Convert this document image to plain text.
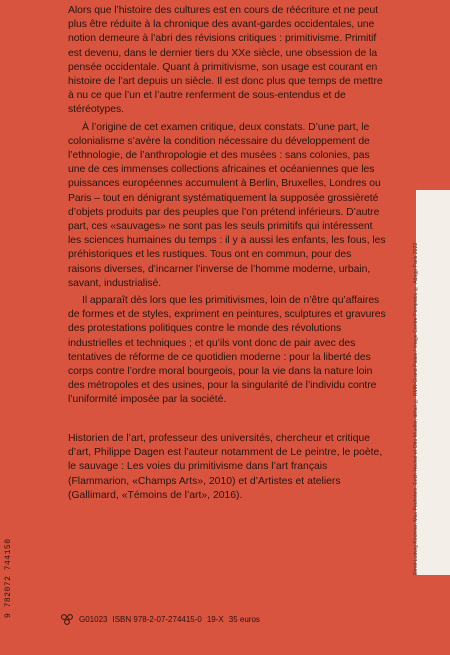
Alors que l’histoire des cultures est en cours de réécriture et ne peut plus être réduite à la chronique des avant-gardes occidentales, une notion demeure à l’abri des révisions critiques : primitivisme. Primitif est devenu, dans le dernier tiers du XXe siècle, une obsession de la pensée occidentale. Quant à primitivisme, son usage est courant en histoire de l’art depuis un siècle. Il est donc plus que temps de mettre à nu ce que l’un et l’autre renferment de sous-entendus et de stéréotypes.

À l’origine de cet examen critique, deux constats. D’une part, le colonialisme s’avère la condition nécessaire du développement de l’ethnologie, de l’anthropologie et des musées : sans colonies, pas une de ces immenses collections africaines et océaniennes que les puissances européennes accumulent à Berlin, Bruxelles, Londres ou Paris – tout en dénigrant systématiquement la supposée grossièreté d’objets produits par des peuples que l’on prétend inférieurs. D’autre part, ces «sauvages» ne sont pas les seuls primitifs qui intéressent les sciences humaines du temps : il y a aussi les enfants, les fous, les préhistoriques et les rustiques. Tous ont en commun, pour des raisons diverses, d’incarner l’inverse de l’homme moderne, urbain, savant, industrialisé.

Il apparaît dès lors que les primitivismes, loin de n’être qu’affaires de formes et de styles, expriment en peintures, sculptures et gravures des protestations politiques contre le monde des révolutions industrielles et techniques ; et qu’ils vont donc de pair avec des tentatives de réforme de ce quotidien moderne : pour la liberté des corps contre l’ordre moral bourgeois, pour la vie dans la nature loin des métropoles et des usines, pour la singularité de l’individu contre l’uniformité imposée par la société.

Historien de l’art, professeur des universités, chercheur et critique d’art, Philippe Dagen est l’auteur notamment de Le peintre, le poète, le sauvage : Les voies du primitivisme dans l’art français (Flammarion, «Champs Arts», 2010) et d’Artistes et ateliers (Gallimard, «Témoins de l’art», 2016).	Ernst Ludwig Kirchner, Max Pechstein, Erich Heckel et Otto Mueller, détail © RMN-Grand Palais / image Centre Pompidou © Adagp Paris 2022
9 782072 744150
G01023 ISBN 978-2-07-274415-0 19-X 35 euros
